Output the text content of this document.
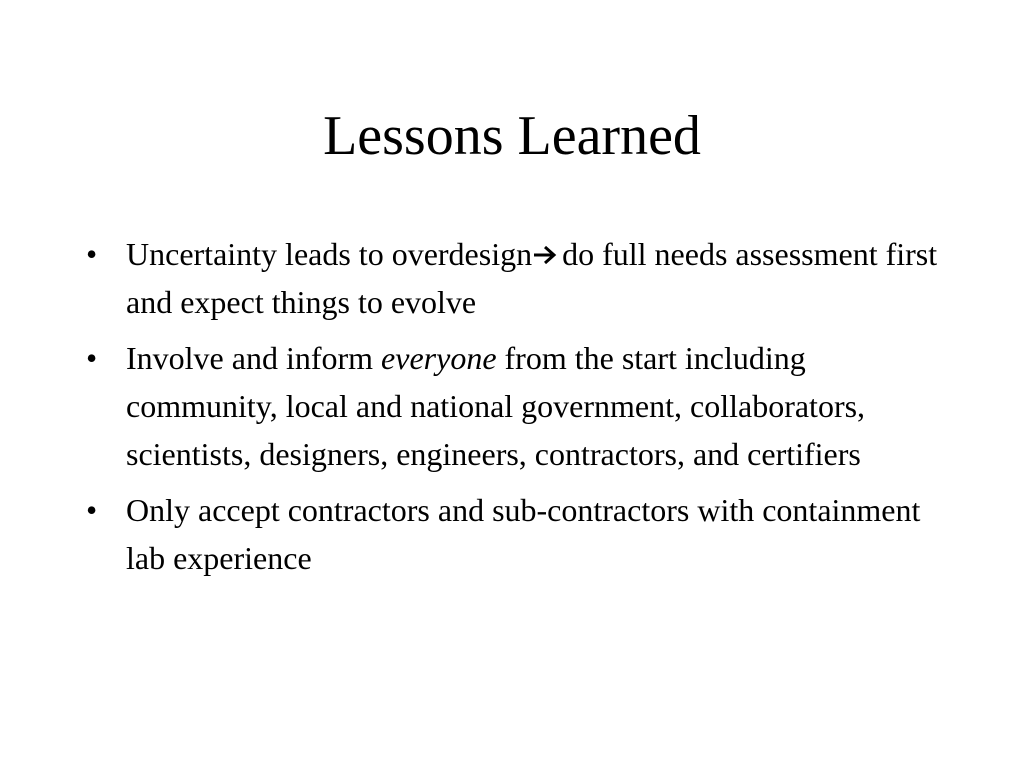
Lessons Learned
• Uncertainty leads to overdesign do full needs assessment first and expect things to evolve
• Involve and inform everyone from the start including community, local and national government, collaborators, scientists, designers, engineers, contractors, and certifiers
• Only accept contractors and sub-contractors with containment lab experience
